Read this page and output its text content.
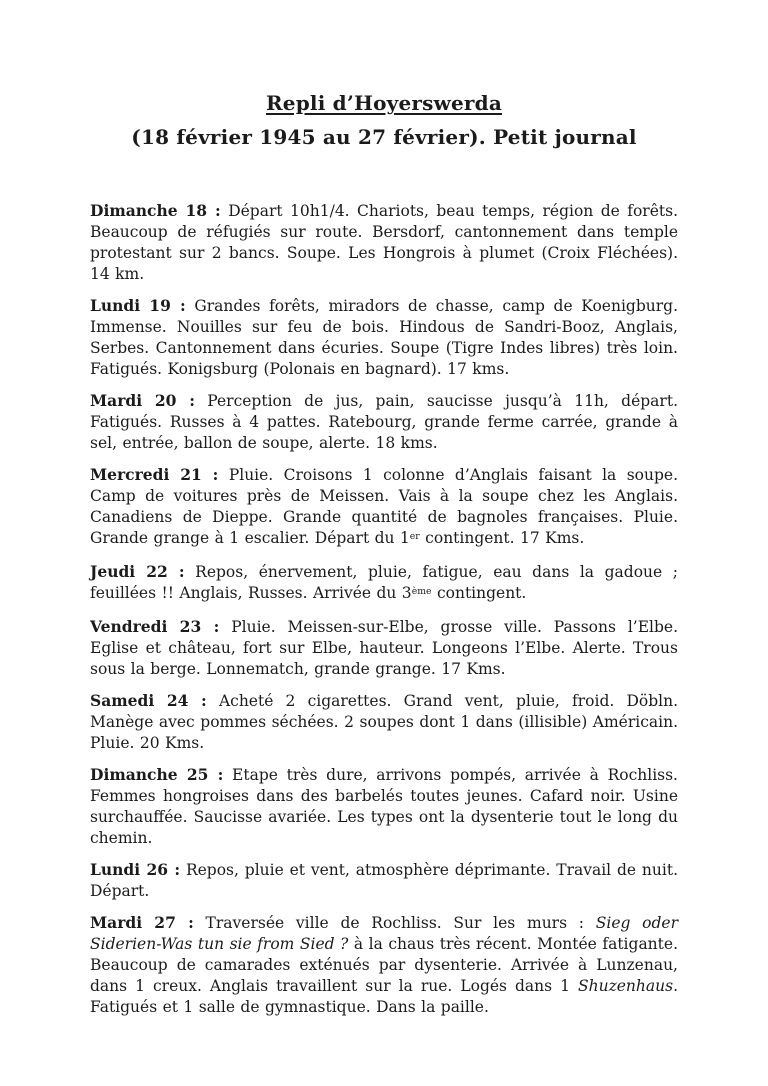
Repli d’Hoyerswerda
(18 février 1945 au 27 février). Petit journal

Dimanche 18 : Départ 10h1/4. Chariots, beau temps, région de forêts. Beaucoup de réfugiés sur route. Bersdorf, cantonnement dans temple protestant sur 2 bancs. Soupe. Les Hongrois à plumet (Croix Fléchées). 14 km.

Lundi 19 : Grandes forêts, miradors de chasse, camp de Koenigburg. Immense. Nouilles sur feu de bois. Hindous de Sandri-Booz, Anglais, Serbes. Cantonnement dans écuries. Soupe (Tigre Indes libres) très loin. Fatigués. Konigsburg (Polonais en bagnard). 17 kms.

Mardi 20 : Perception de jus, pain, saucisse jusqu’à 11h, départ. Fatigués. Russes à 4 pattes. Ratebourg, grande ferme carrée, grande à sel, entrée, ballon de soupe, alerte. 18 kms.

Mercredi 21 : Pluie. Croisons 1 colonne d’Anglais faisant la soupe. Camp de voitures près de Meissen. Vais à la soupe chez les Anglais. Canadiens de Dieppe. Grande quantité de bagnoles françaises. Pluie. Grande grange à 1 escalier. Départ du 1er contingent. 17 Kms.

Jeudi 22 : Repos, énervement, pluie, fatigue, eau dans la gadoue ; feuillées !! Anglais, Russes. Arrivée du 3ème contingent.

Vendredi 23 : Pluie. Meissen-sur-Elbe, grosse ville. Passons l’Elbe. Eglise et château, fort sur Elbe, hauteur. Longeons l’Elbe. Alerte. Trous sous la berge. Lonnematch, grande grange. 17 Kms.

Samedi 24 : Acheté 2 cigarettes. Grand vent, pluie, froid. Döbln. Manège avec pommes séchées. 2 soupes dont 1 dans (illisible) Américain. Pluie. 20 Kms.

Dimanche 25 : Etape très dure, arrivons pompés, arrivée à Rochliss. Femmes hongroises dans des barbelés toutes jeunes. Cafard noir. Usine surchauffée. Saucisse avariée. Les types ont la dysenterie tout le long du chemin.

Lundi 26 : Repos, pluie et vent, atmosphère déprimante. Travail de nuit. Départ.

Mardi 27 : Traversée ville de Rochliss. Sur les murs : Sieg oder Siderien-Was tun sie from Sied ? à la chaus très récent. Montée fatigante. Beaucoup de camarades exténués par dysenterie. Arrivée à Lunzenau, dans 1 creux. Anglais travaillent sur la rue. Logés dans 1 Shuzenhaus. Fatigués et 1 salle de gymnastique. Dans la paille.
